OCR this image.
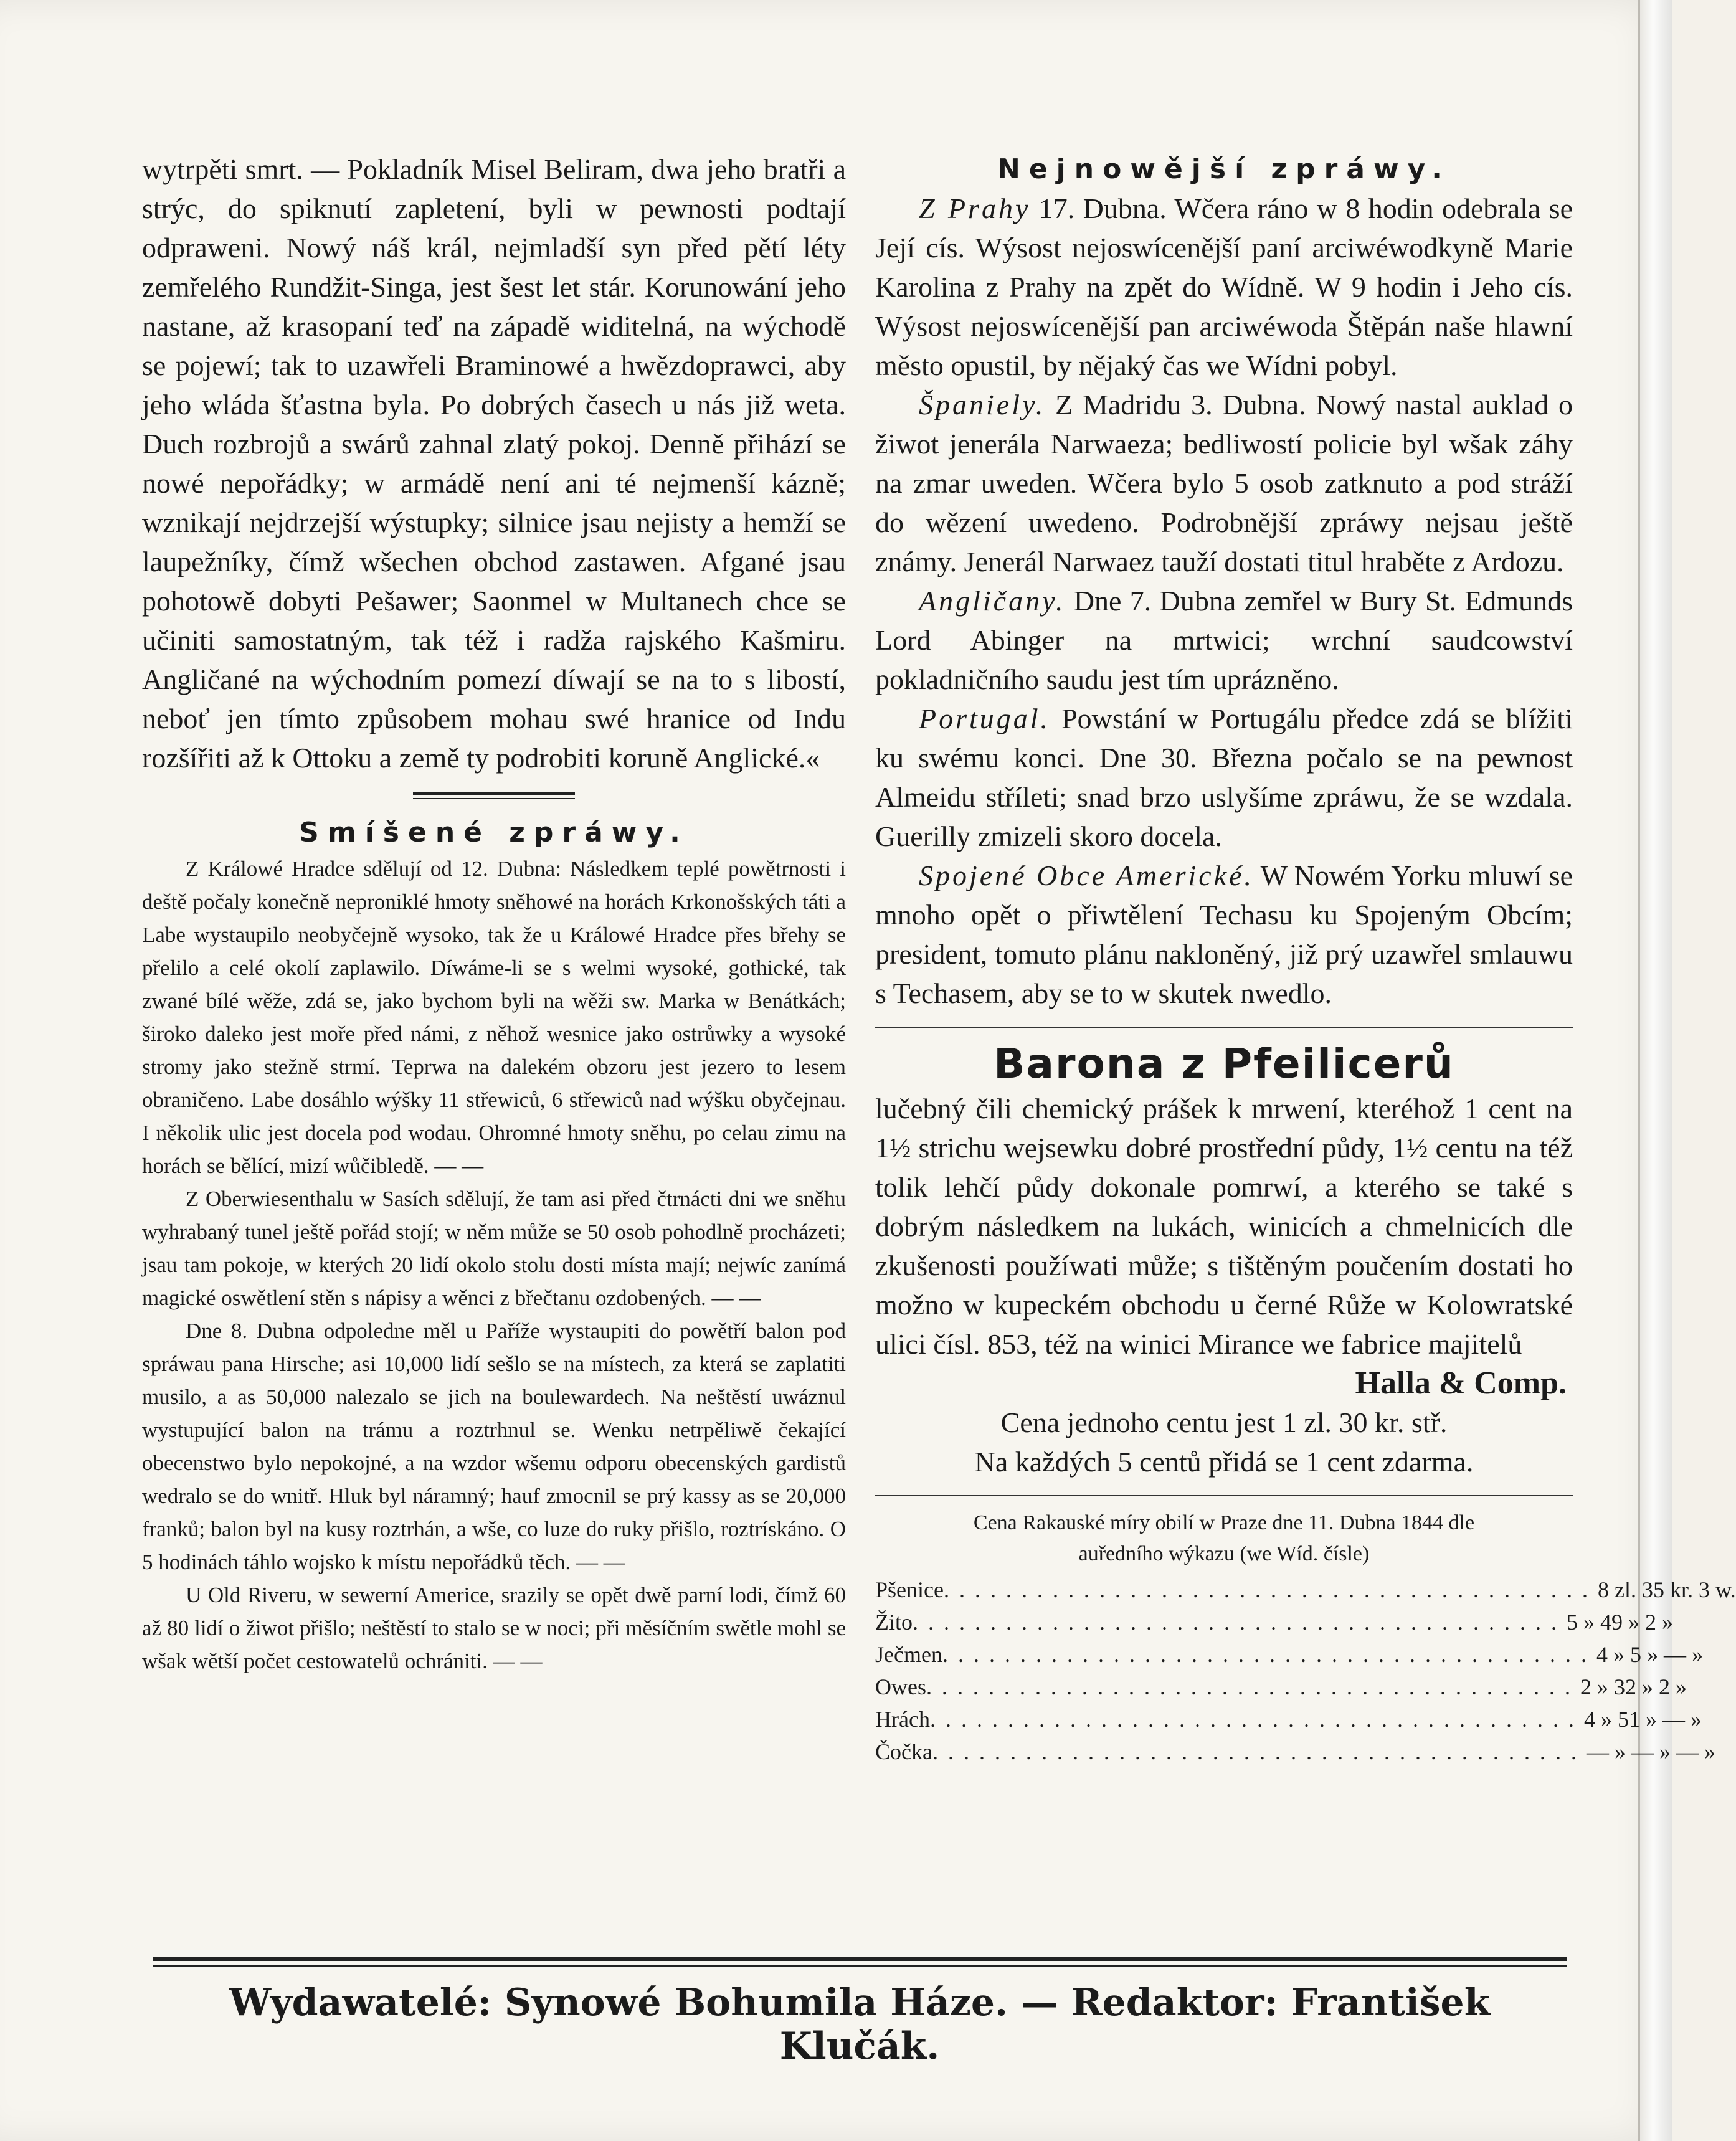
wytrpěti smrt. — Pokladník Misel Beliram, dwa jeho bratři a strýc, do spiknutí zapletení, byli w pewnosti podtají odpraweni. Nowý náš král, nejmladší syn před pětí léty zemřelého Rundžit-Singa, jest šest let stár. Korunowání jeho nastane, až krasopaní teď na západě widitelná, na wýchodě se pojewí; tak to uzawřeli Braminowé a hwězdoprawci, aby jeho wláda šťastna byla. Po dobrých časech u nás již weta. Duch rozbrojů a swárů zahnal zlatý pokoj. Denně přihází se nowé nepořádky; w armádě není ani té nejmenší kázně; wznikají nejdrzejší wýstupky; silnice jsau nejisty a hemží se laupežníky, čímž wšechen obchod zastawen. Afgané jsau pohotowě dobyti Pešawer; Saonmel w Multanech chce se učiniti samostatným, tak též i radža rajského Kašmiru. Angličané na wýchodním pomezí díwají se na to s libostí, neboť jen tímto způsobem mohau swé hranice od Indu rozšířiti až k Ottoku a země ty podrobiti koruně Anglické.«

Smíšené zpráwy.

Z Králowé Hradce sdělují od 12. Dubna: Následkem teplé powětrnosti i deště počaly konečně neproniklé hmoty sněhowé na horách Krkonošských táti a Labe wystaupilo neobyčejně wysoko, tak že u Králowé Hradce přes břehy se přelilo a celé okolí zaplawilo. Díwáme-li se s welmi wysoké, gothické, tak zwané bílé wěže, zdá se, jako bychom byli na wěži sw. Marka w Benátkách; široko daleko jest moře před námi, z něhož wesnice jako ostrůwky a wysoké stromy jako stežně strmí. Teprwa na dalekém obzoru jest jezero to lesem obraničeno. Labe dosáhlo wýšky 11 střewiců, 6 střewiců nad wýšku obyčejnau. I několik ulic jest docela pod wodau. Ohromné hmoty sněhu, po celau zimu na horách se bělící, mizí wůčibledě. — —

Z Oberwiesenthalu w Sasích sdělují, že tam asi před čtrnácti dni we sněhu wyhrabaný tunel ještě pořád stojí; w něm může se 50 osob pohodlně procházeti; jsau tam pokoje, w kterých 20 lidí okolo stolu dosti místa mají; nejwíc zanímá magické oswětlení stěn s nápisy a wěnci z břečtanu ozdobených. — —

Dne 8. Dubna odpoledne měl u Paříže wystaupiti do powětří balon pod spráwau pana Hirsche; asi 10,000 lidí sešlo se na místech, za která se zaplatiti musilo, a as 50,000 nalezalo se jich na boulewardech. Na neštěstí uwáznul wystupující balon na trámu a roztrhnul se. Wenku netrpěliwě čekající obecenstwo bylo nepokojné, a na wzdor wšemu odporu obecenských gardistů wedralo se do wnitř. Hluk byl náramný; hauf zmocnil se prý kassy as se 20,000 franků; balon byl na kusy roztrhán, a wše, co luze do ruky přišlo, roztrískáno. O 5 hodinách táhlo wojsko k místu nepořádků těch. — —

U Old Riveru, w sewerní Americe, srazily se opět dwě parní lodi, čímž 60 až 80 lidí o žiwot přišlo; neštěstí to stalo se w noci; při měsíčním swětle mohl se wšak wětší počet cestowatelů ochrániti. — —

Nejnowější zpráwy.

Z Prahy 17. Dubna. Wčera ráno w 8 hodin odebrala se Její cís. Wýsost nejoswícenější paní arciwéwodkyně Marie Karolina z Prahy na zpět do Wídně. W 9 hodin i Jeho cís. Wýsost nejoswícenější pan arciwéwoda Štěpán naše hlawní město opustil, by nějaký čas we Wídni pobyl.

Španiely. Z Madridu 3. Dubna. Nowý nastal auklad o žiwot jenerála Narwaeza; bedliwostí policie byl wšak záhy na zmar uweden. Wčera bylo 5 osob zatknuto a pod stráží do wězení uwedeno. Podrobnější zpráwy nejsau ještě známy. Jenerál Narwaez tauží dostati titul hraběte z Ardozu.

Angličany. Dne 7. Dubna zemřel w Bury St. Edmunds Lord Abinger na mrtwici; wrchní saudcowství pokladničního saudu jest tím uprázněno.

Portugal. Powstání w Portugálu předce zdá se blížiti ku swému konci. Dne 30. Března počalo se na pewnost Almeidu stříleti; snad brzo uslyšíme zpráwu, že se wzdala. Guerilly zmizeli skoro docela.

Spojené Obce Americké. W Nowém Yorku mluwí se mnoho opět o přiwtělení Techasu ku Spojeným Obcím; president, tomuto plánu nakloněný, již prý uzawřel smlauwu s Techasem, aby se to w skutek nwedlo.

Barona z Pfeilicerů

lučebný čili chemický prášek k mrwení, kteréhož 1 cent na 1½ strichu wejsewku dobré prostřední půdy, 1½ centu na též tolik lehčí půdy dokonale pomrwí, a kterého se také s dobrým následkem na lukách, winicích a chmelnicích dle zkušenosti použíwati může; s tištěným poučením dostati ho možno w kupeckém obchodu u černé Růže w Kolowratské ulici čísl. 853, též na winici Mirance we fabrice majitelů

Halla & Comp.

Cena jednoho centu jest 1 zl. 30 kr. stř.

Na každých 5 centů přidá se 1 cent zdarma.

Cena Rakauské míry obilí w Praze dne 11. Dubna 1844 dle
auředního wýkazu (we Wíd. čísle)
Pšenice .......................................... 8 zl. 35 kr. 3 w.
Žito .......................................... 5 » 49 » 2 »
Ječmen .......................................... 4 » 5 » — »
Owes .......................................... 2 » 32 » 2 »
Hrách .......................................... 4 » 51 » — »
Čočka .......................................... — » — » — »
Wydawatelé: Synowé Bohumila Háze. — Redaktor: František Klučák.
